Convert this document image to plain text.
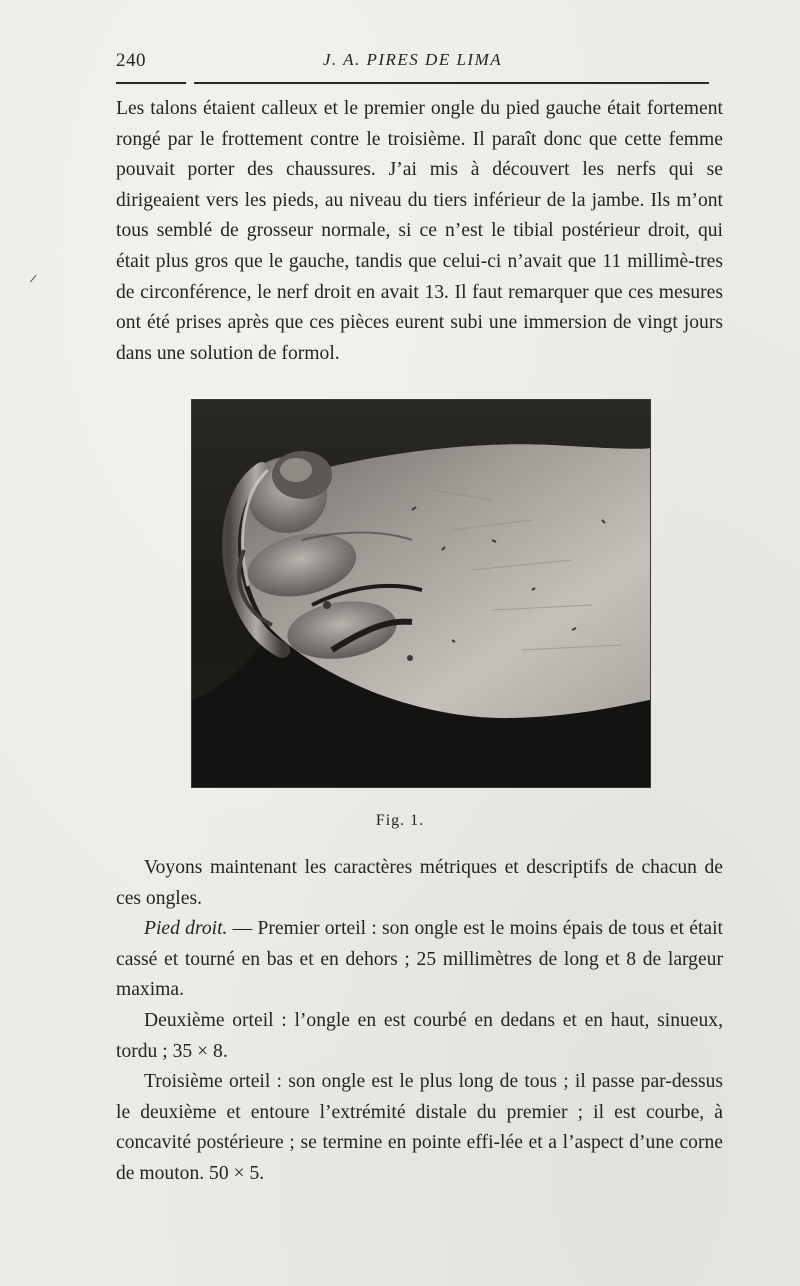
240	J. A. PIRES DE LIMA

Les talons étaient calleux et le premier ongle du pied gauche était fortement rongé par le frottement contre le troisième. Il paraît donc que cette femme pouvait porter des chaussures. J’ai mis à découvert les nerfs qui se dirigeaient vers les pieds, au niveau du tiers inférieur de la jambe. Ils m’ont tous semblé de grosseur normale, si ce n’est le tibial postérieur droit, qui était plus gros que le gauche, tandis que celui-ci n’avait que 11 millimè-tres de circonférence, le nerf droit en avait 13. Il faut remarquer que ces mesures ont été prises après que ces pièces eurent subi une immersion de vingt jours dans une solution de formol.

Fig. 1.

Voyons maintenant les caractères métriques et descriptifs de chacun de ces ongles.

Pied droit. — Premier orteil : son ongle est le moins épais de tous et était cassé et tourné en bas et en dehors ; 25 millimètres de long et 8 de largeur maxima.

Deuxième orteil : l’ongle en est courbé en dedans et en haut, sinueux, tordu ; 35 × 8.

Troisième orteil : son ongle est le plus long de tous ; il passe par-dessus le deuxième et entoure l’extrémité distale du premier ; il est courbe, à concavité postérieure ; se termine en pointe effi-lée et a l’aspect d’une corne de mouton. 50 × 5.
